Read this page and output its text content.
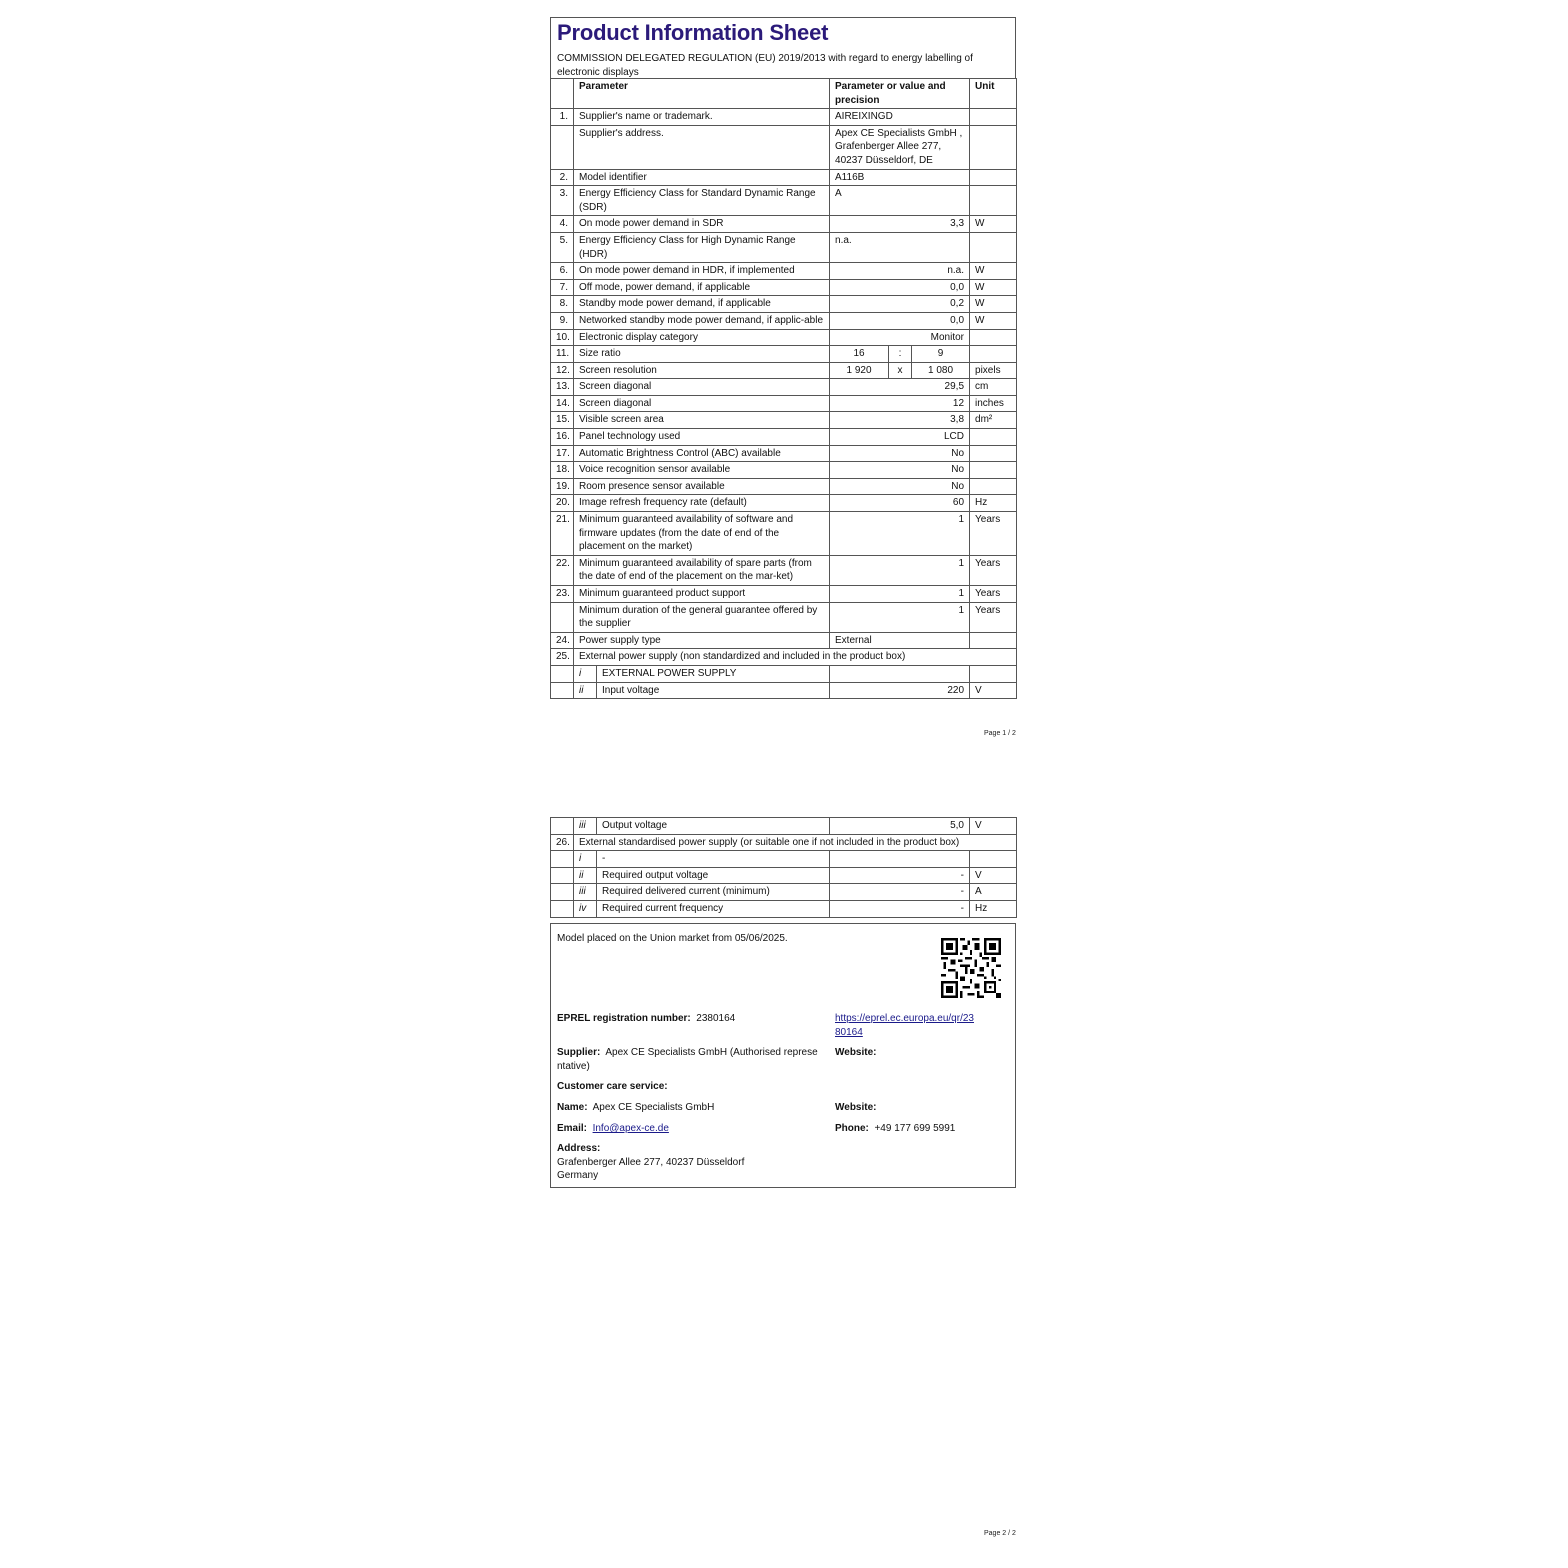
Product Information Sheet
COMMISSION DELEGATED REGULATION (EU) 2019/2013 with regard to energy labelling of electronic displays
	Parameter		Parameter or value and precision			Unit
1.	Supplier's name or trademark.		AIREIXINGD			
	Supplier's address.		Apex CE Specialists GmbH , Grafenberger Allee 277, 40237 Düsseldorf, DE			
2.	Model identifier		A116B			
3.	Energy Efficiency Class for Standard Dynamic Range (SDR)		A			
4.	On mode power demand in SDR		3,3			W
5.	Energy Efficiency Class for High Dynamic Range (HDR)		n.a.			
6.	On mode power demand in HDR, if implemented		n.a.			W
7.	Off mode, power demand, if applicable		0,0			W
8.	Standby mode power demand, if applicable		0,2			W
9.	Networked standby mode power demand, if applic-able		0,0			W
10.	Electronic display category		Monitor			
11.	Size ratio		16	:	9	
12.	Screen resolution		1 920	x	1 080	pixels
13.	Screen diagonal		29,5			cm
14.	Screen diagonal		12			inches
15.	Visible screen area		3,8			dm²
16.	Panel technology used		LCD			
17.	Automatic Brightness Control (ABC) available		No			
18.	Voice recognition sensor available		No			
19.	Room presence sensor available		No			
20.	Image refresh frequency rate (default)		60			Hz
21.	Minimum guaranteed availability of software and firmware updates (from the date of end of the placement on the market)		1			Years
22.	Minimum guaranteed availability of spare parts (from the date of end of the placement on the mar-ket)		1			Years
23.	Minimum guaranteed product support		1			Years
	Minimum duration of the general guarantee offered by the supplier		1			Years
24.	Power supply type		External			
25.	External power supply (non standardized and included in the product box)					
	i	EXTERNAL POWER SUPPLY				
	ii	Input voltage	220			V
Page 1 / 2
	iii	Output voltage	5,0	V
26.	External standardised power supply (or suitable one if not included in the product box)			
	i	-		
	ii	Required output voltage	-	V
	iii	Required delivered current (minimum)	-	A
	iv	Required current frequency	-	Hz
Model placed on the Union market from 05/06/2025.
EPREL registration number: 2380164	https://eprel.ec.europa.eu/qr/23
80164
Supplier: Apex CE Specialists GmbH (Authorised represe
ntative)
Website:
Customer care service:
Name: Apex CE Specialists GmbH	Website:
Email: Info@apex-ce.de	Phone: +49 177 699 5991
Address:
Grafenberger Allee 277, 40237 Düsseldorf
Germany
Page 2 / 2
